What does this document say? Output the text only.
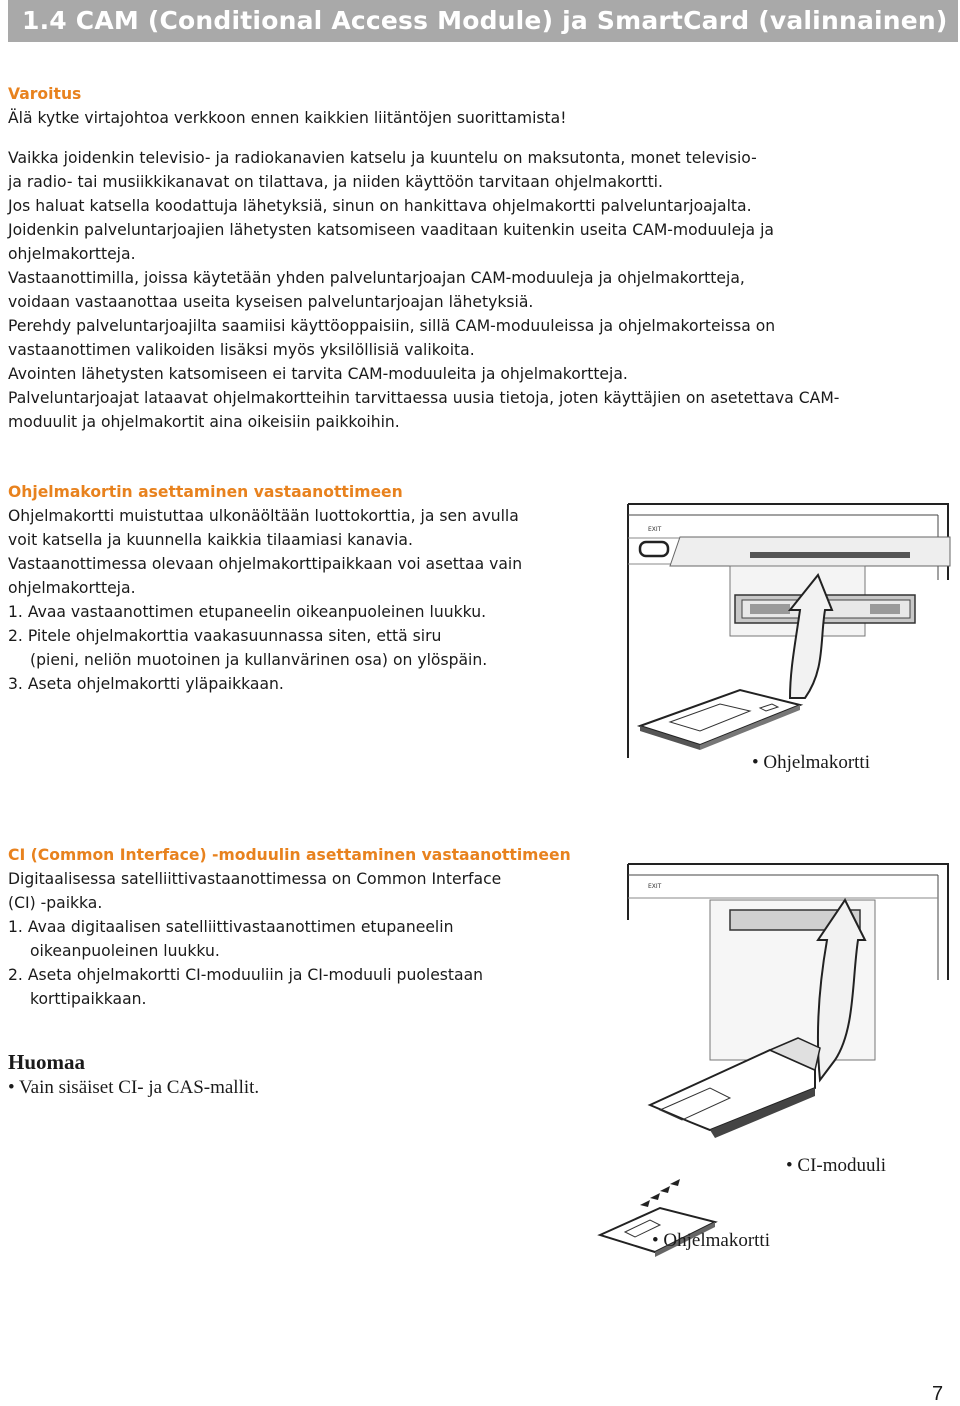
1.4 CAM (Conditional Access Module) ja SmartCard (valinnainen)
Varoitus
Älä kytke virtajohtoa verkkoon ennen kaikkien liitäntöjen suorittamista!

Vaikka joidenkin televisio- ja radiokanavien katselu ja kuuntelu on maksutonta, monet televisio-

ja radio- tai musiikkikanavat on tilattava, ja niiden käyttöön tarvitaan ohjelmakortti.

Jos haluat katsella koodattuja lähetyksiä, sinun on hankittava ohjelmakortti palveluntarjoajalta.

Joidenkin palveluntarjoajien lähetysten katsomiseen vaaditaan kuitenkin useita CAM-moduuleja ja

ohjelmakortteja.

Vastaanottimilla, joissa käytetään yhden palveluntarjoajan CAM-moduuleja ja ohjelmakortteja,

voidaan vastaanottaa useita kyseisen palveluntarjoajan lähetyksiä.

Perehdy palveluntarjoajilta saamiisi käyttöoppaisiin, sillä CAM-moduuleissa ja ohjelmakorteissa on

vastaanottimen valikoiden lisäksi myös yksilöllisiä valikoita.

Avointen lähetysten katsomiseen ei tarvita CAM-moduuleita ja ohjelmakortteja.

Palveluntarjoajat lataavat ohjelmakortteihin tarvittaessa uusia tietoja, joten käyttäjien on asetettava CAM-

moduulit ja ohjelmakortit aina oikeisiin paikkoihin.

Ohjelmakortin asettaminen vastaanottimeen

Ohjelmakortti muistuttaa ulkonäöltään luottokorttia, ja sen avulla

voit katsella ja kuunnella kaikkia tilaamiasi kanavia.

Vastaanottimessa olevaan ohjelmakorttipaikkaan voi asettaa vain

ohjelmakortteja.

1. Avaa vastaanottimen etupaneelin oikeanpuoleinen luukku.

2. Pitele ohjelmakorttia vaakasuunnassa siten, että siru

(pieni, neliön muotoinen ja kullanvärinen osa) on ylöspäin.

3. Aseta ohjelmakortti yläpaikkaan.

• Ohjelmakortti
EXIT

CI (Common Interface) -moduulin asettaminen vastaanottimeen

Digitaalisessa satelliittivastaanottimessa on Common Interface

(CI) -paikka.

1. Avaa digitaalisen satelliittivastaanottimen etupaneelin

oikeanpuoleinen luukku.

2. Aseta ohjelmakortti CI-moduuliin ja CI-moduuli puolestaan

korttipaikkaan.

EXIT
• CI-moduuli
• Ohjelmakortti
Huomaa
• Vain sisäiset CI- ja CAS-mallit.
7
